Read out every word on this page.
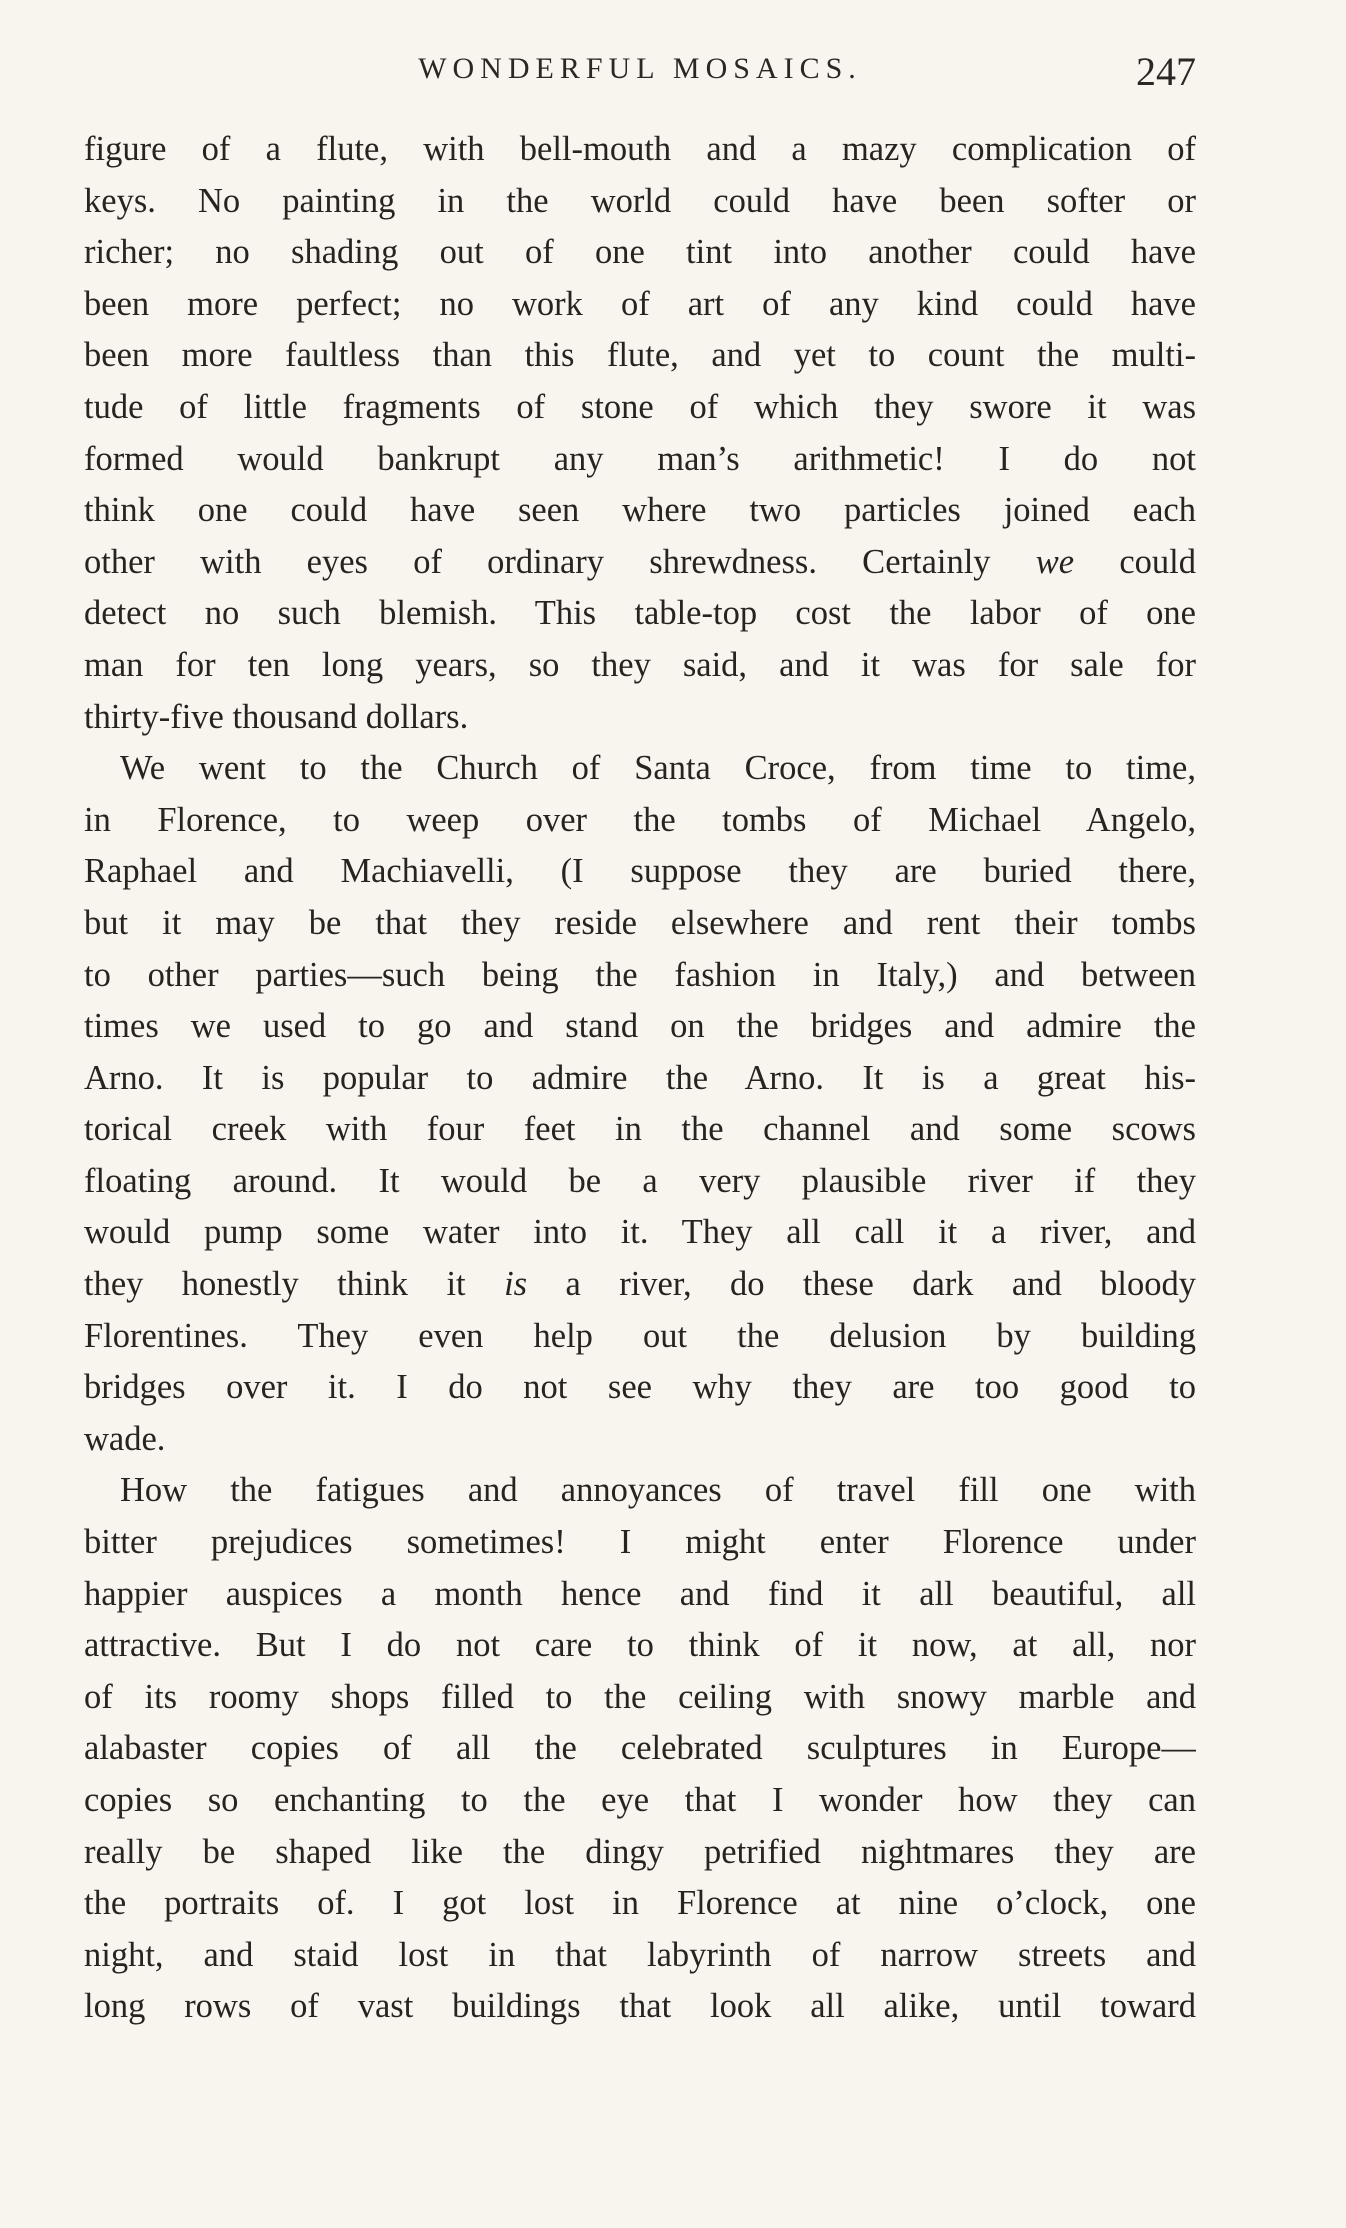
WONDERFUL MOSAICS.	247
figure of a flute, with bell-mouth and a mazy complication of
keys. No painting in the world could have been softer or
richer; no shading out of one tint into another could have
been more perfect; no work of art of any kind could have
been more faultless than this flute, and yet to count the multi-
tude of little fragments of stone of which they swore it was
formed would bankrupt any man’s arithmetic! I do not
think one could have seen where two particles joined each
other with eyes of ordinary shrewdness. Certainly we could
detect no such blemish. This table-top cost the labor of one
man for ten long years, so they said, and it was for sale for
thirty-five thousand dollars.
We went to the Church of Santa Croce, from time to time,
in Florence, to weep over the tombs of Michael Angelo,
Raphael and Machiavelli, (I suppose they are buried there,
but it may be that they reside elsewhere and rent their tombs
to other parties—such being the fashion in Italy,) and between
times we used to go and stand on the bridges and admire the
Arno. It is popular to admire the Arno. It is a great his-
torical creek with four feet in the channel and some scows
floating around. It would be a very plausible river if they
would pump some water into it. They all call it a river, and
they honestly think it is a river, do these dark and bloody
Florentines. They even help out the delusion by building
bridges over it. I do not see why they are too good to
wade.
How the fatigues and annoyances of travel fill one with
bitter prejudices sometimes! I might enter Florence under
happier auspices a month hence and find it all beautiful, all
attractive. But I do not care to think of it now, at all, nor
of its roomy shops filled to the ceiling with snowy marble and
alabaster copies of all the celebrated sculptures in Europe—
copies so enchanting to the eye that I wonder how they can
really be shaped like the dingy petrified nightmares they are
the portraits of. I got lost in Florence at nine o’clock, one
night, and staid lost in that labyrinth of narrow streets and
long rows of vast buildings that look all alike, until toward
